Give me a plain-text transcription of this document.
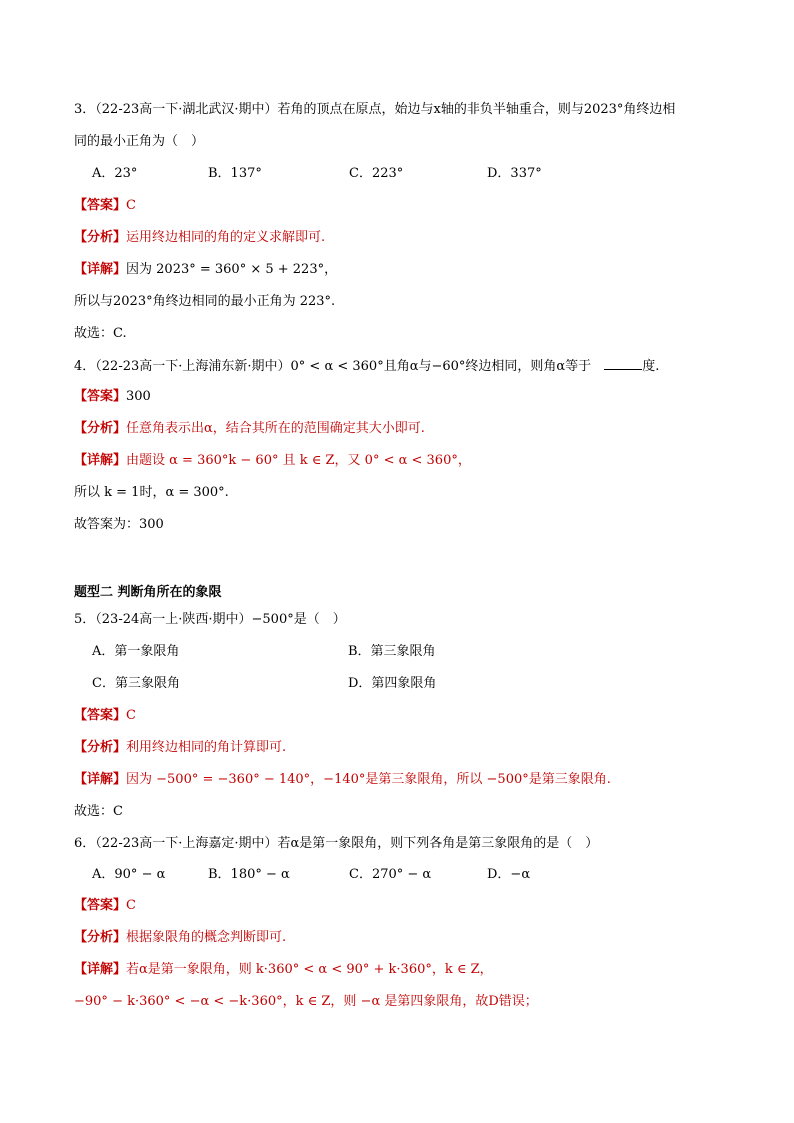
3．（22-23高一下·湖北武汉·期中）若角的顶点在原点，始边与x轴的非负半轴重合，则与2023°角终边相
同的最小正角为（　）
A．23°	B．137°	C．223°	D．337°
【答案】C
【分析】运用终边相同的角的定义求解即可.
【详解】因为 2023° = 360° × 5 + 223°，
所以与2023°角终边相同的最小正角为 223°.
故选：C.
4．（22-23高一下·上海浦东新·期中）0° < α < 360°且角α与−60°终边相同，则角α等于　	度.
【答案】300
【分析】任意角表示出α，结合其所在的范围确定其大小即可.
【详解】由题设 α = 360°k − 60° 且 k ∈ Z，又 0° < α < 360°，
所以 k = 1时，α = 300°.
故答案为：300
题型二 判断角所在的象限
5．（23-24高一上·陕西·期中）−500°是（　）
A．第一象限角	B．第三象限角
C．第三象限角	D．第四象限角
【答案】C
【分析】利用终边相同的角计算即可.
【详解】因为 −500° = −360° − 140°，−140°是第三象限角，所以 −500°是第三象限角.
故选：C
6．（22-23高一下·上海嘉定·期中）若α是第一象限角，则下列各角是第三象限角的是（　）
A．90° − α	B．180° − α	C．270° − α	D．−α
【答案】C
【分析】根据象限角的概念判断即可.
【详解】若α是第一象限角，则 k·360° < α < 90° + k·360°，k ∈ Z，
−90° − k·360° < −α < −k·360°，k ∈ Z，则 −α 是第四象限角，故D错误；
